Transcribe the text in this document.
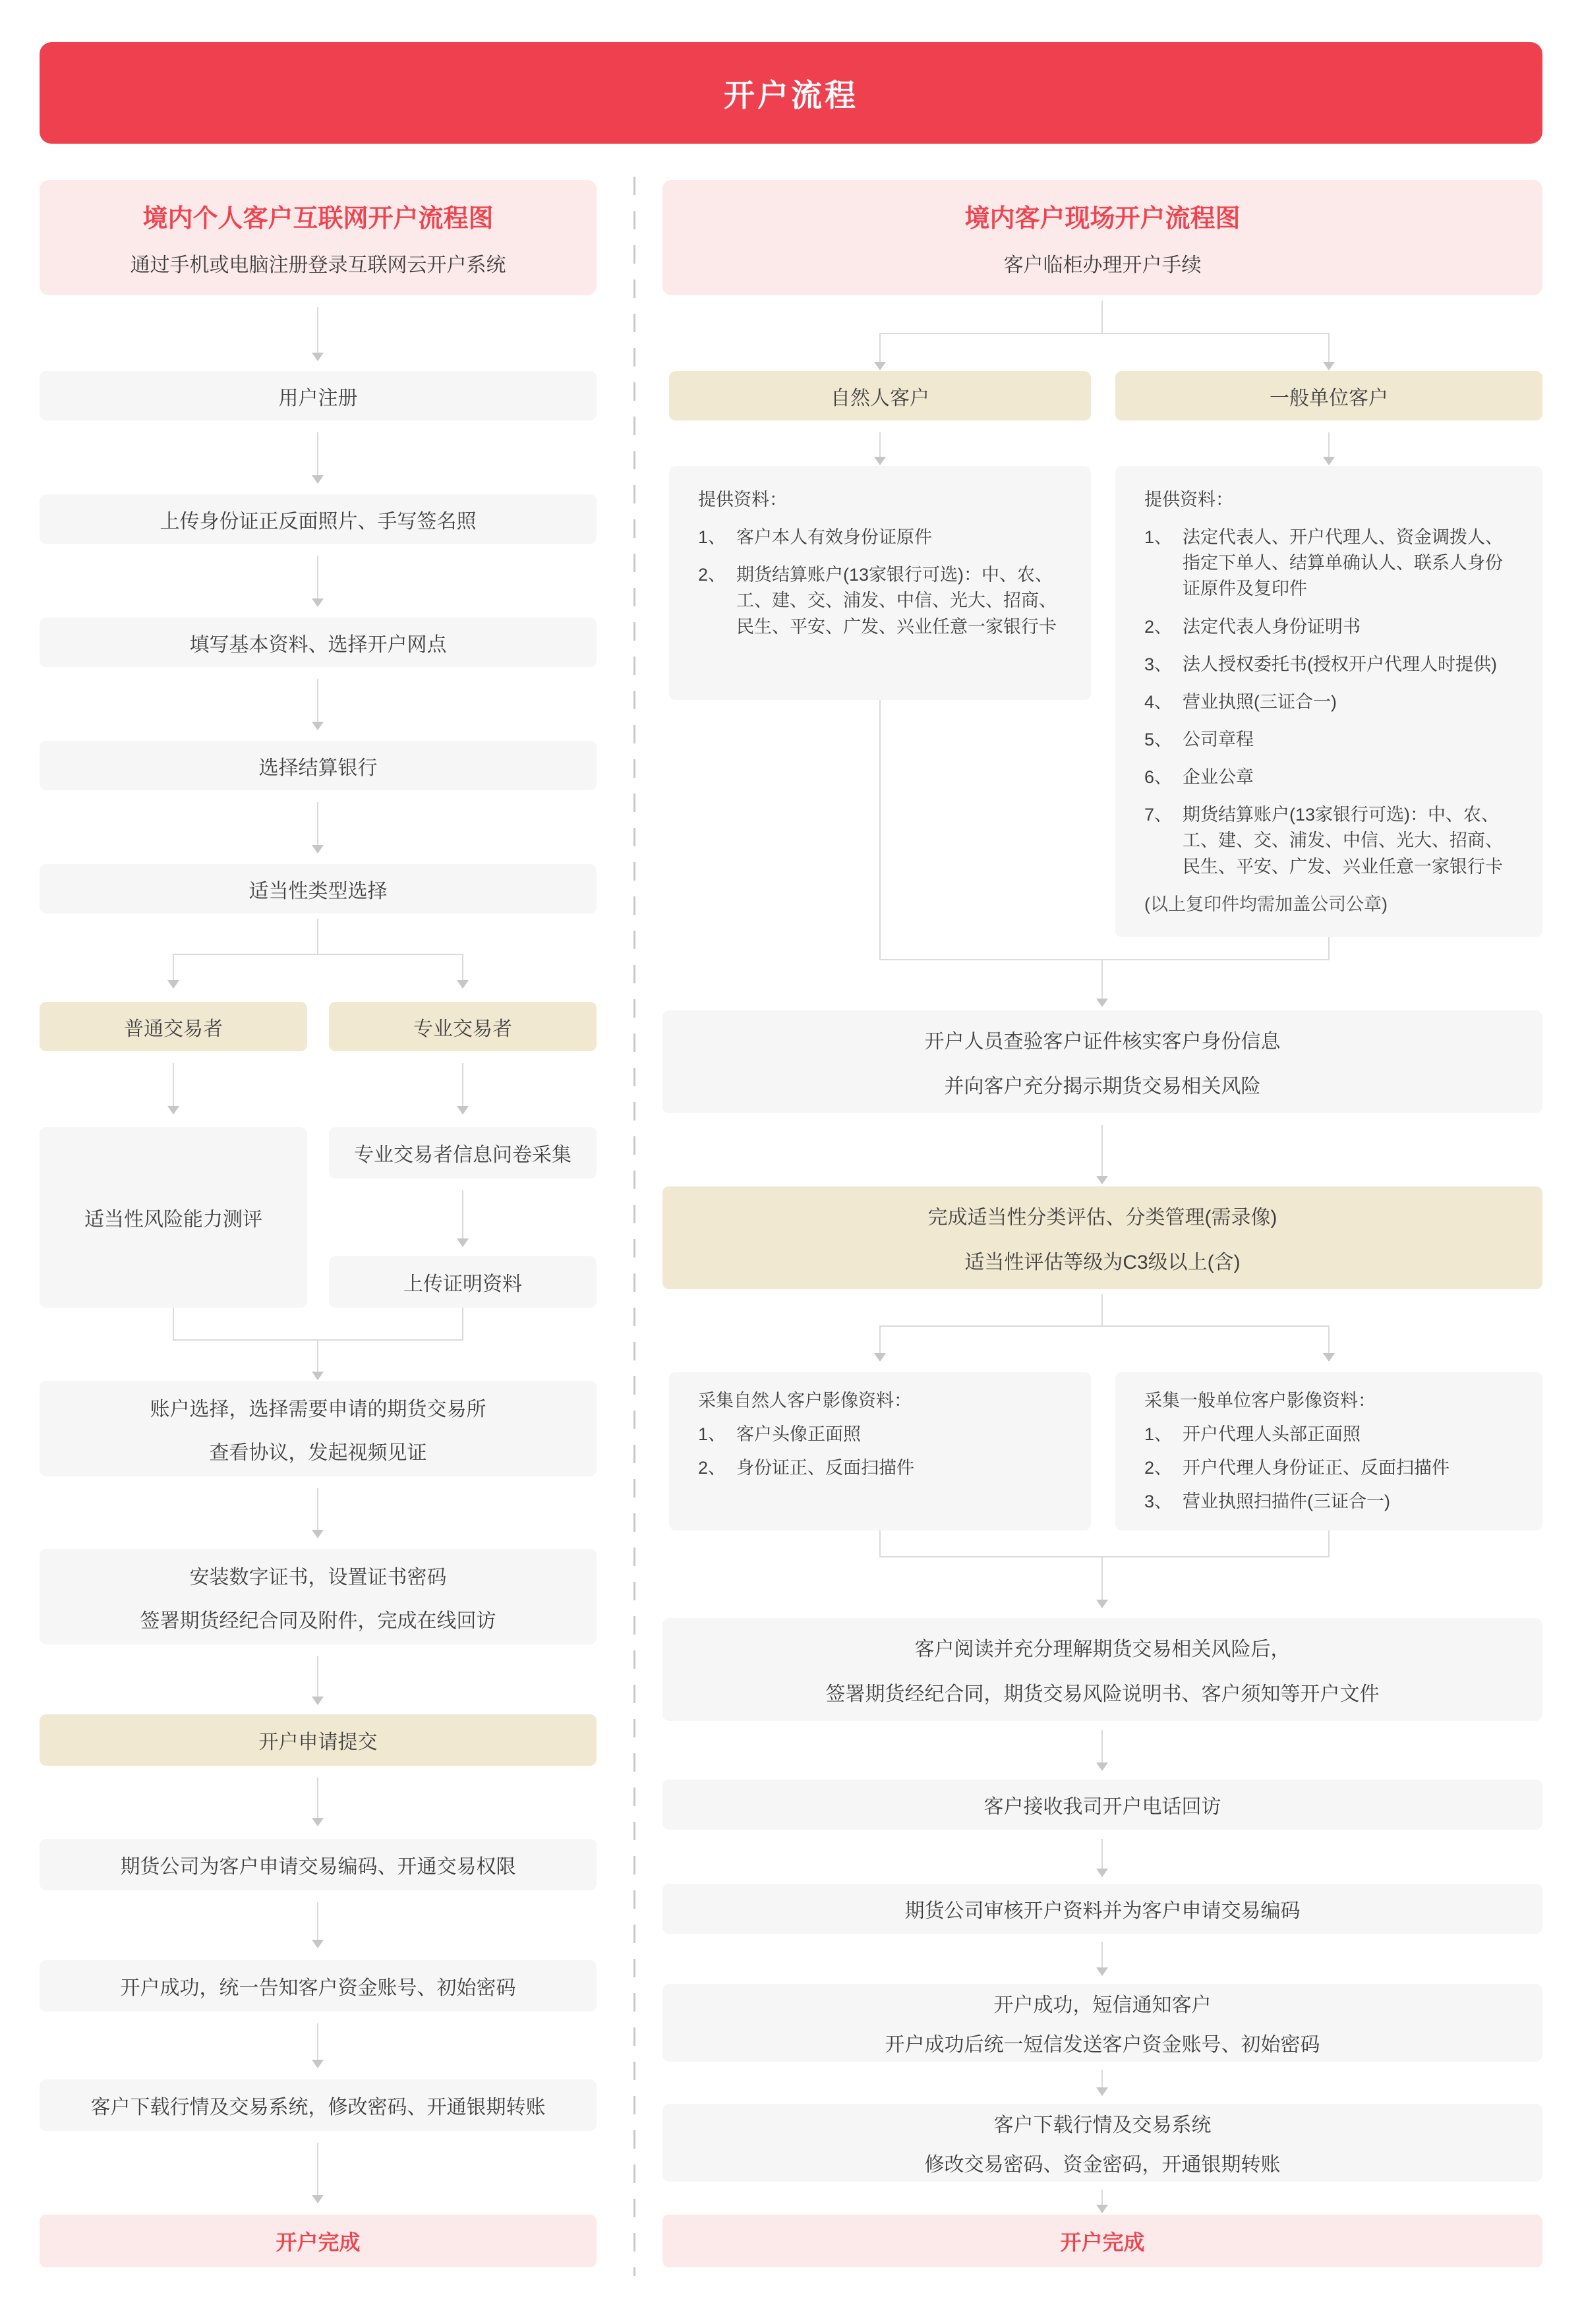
开户流程
境内个人客户互联网开户流程图
通过手机或电脑注册登录互联网云开户系统
用户注册
上传身份证正反面照片、手写签名照
填写基本资料、选择开户网点
选择结算银行
适当性类型选择
普通交易者	专业交易者
适当性风险能力测评
专业交易者信息问卷采集
上传证明资料
账户选择，选择需要申请的期货交易所
查看协议，发起视频见证
安装数字证书，设置证书密码
签署期货经纪合同及附件，完成在线回访
开户申请提交
期货公司为客户申请交易编码、开通交易权限
开户成功，统一告知客户资金账号、初始密码
客户下载行情及交易系统，修改密码、开通银期转账
开户完成
境内客户现场开户流程图
客户临柜办理开户手续
自然人客户	一般单位客户
提供资料：
1、 客户本人有效身份证原件
2、 期货结算账户(13家银行可选)：中、农、工、建、交、浦发、中信、光大、招商、民生、平安、广发、兴业任意一家银行卡
提供资料：
1、 法定代表人、开户代理人、资金调拨人、指定下单人、结算单确认人、联系人身份证原件及复印件
2、 法定代表人身份证明书
3、 法人授权委托书(授权开户代理人时提供)
4、 营业执照(三证合一)
5、 公司章程
6、 企业公章
7、 期货结算账户(13家银行可选)：中、农、工、建、交、浦发、中信、光大、招商、民生、平安、广发、兴业任意一家银行卡
(以上复印件均需加盖公司公章)
开户人员查验客户证件核实客户身份信息
并向客户充分揭示期货交易相关风险
完成适当性分类评估、分类管理(需录像)
适当性评估等级为C3级以上(含)
采集自然人客户影像资料：
1、 客户头像正面照
2、 身份证正、反面扫描件
采集一般单位客户影像资料：
1、 开户代理人头部正面照
2、 开户代理人身份证正、反面扫描件
3、 营业执照扫描件(三证合一)
客户阅读并充分理解期货交易相关风险后，
签署期货经纪合同，期货交易风险说明书、客户须知等开户文件
客户接收我司开户电话回访
期货公司审核开户资料并为客户申请交易编码
开户成功，短信通知客户
开户成功后统一短信发送客户资金账号、初始密码
客户下载行情及交易系统
修改交易密码、资金密码，开通银期转账
开户完成
